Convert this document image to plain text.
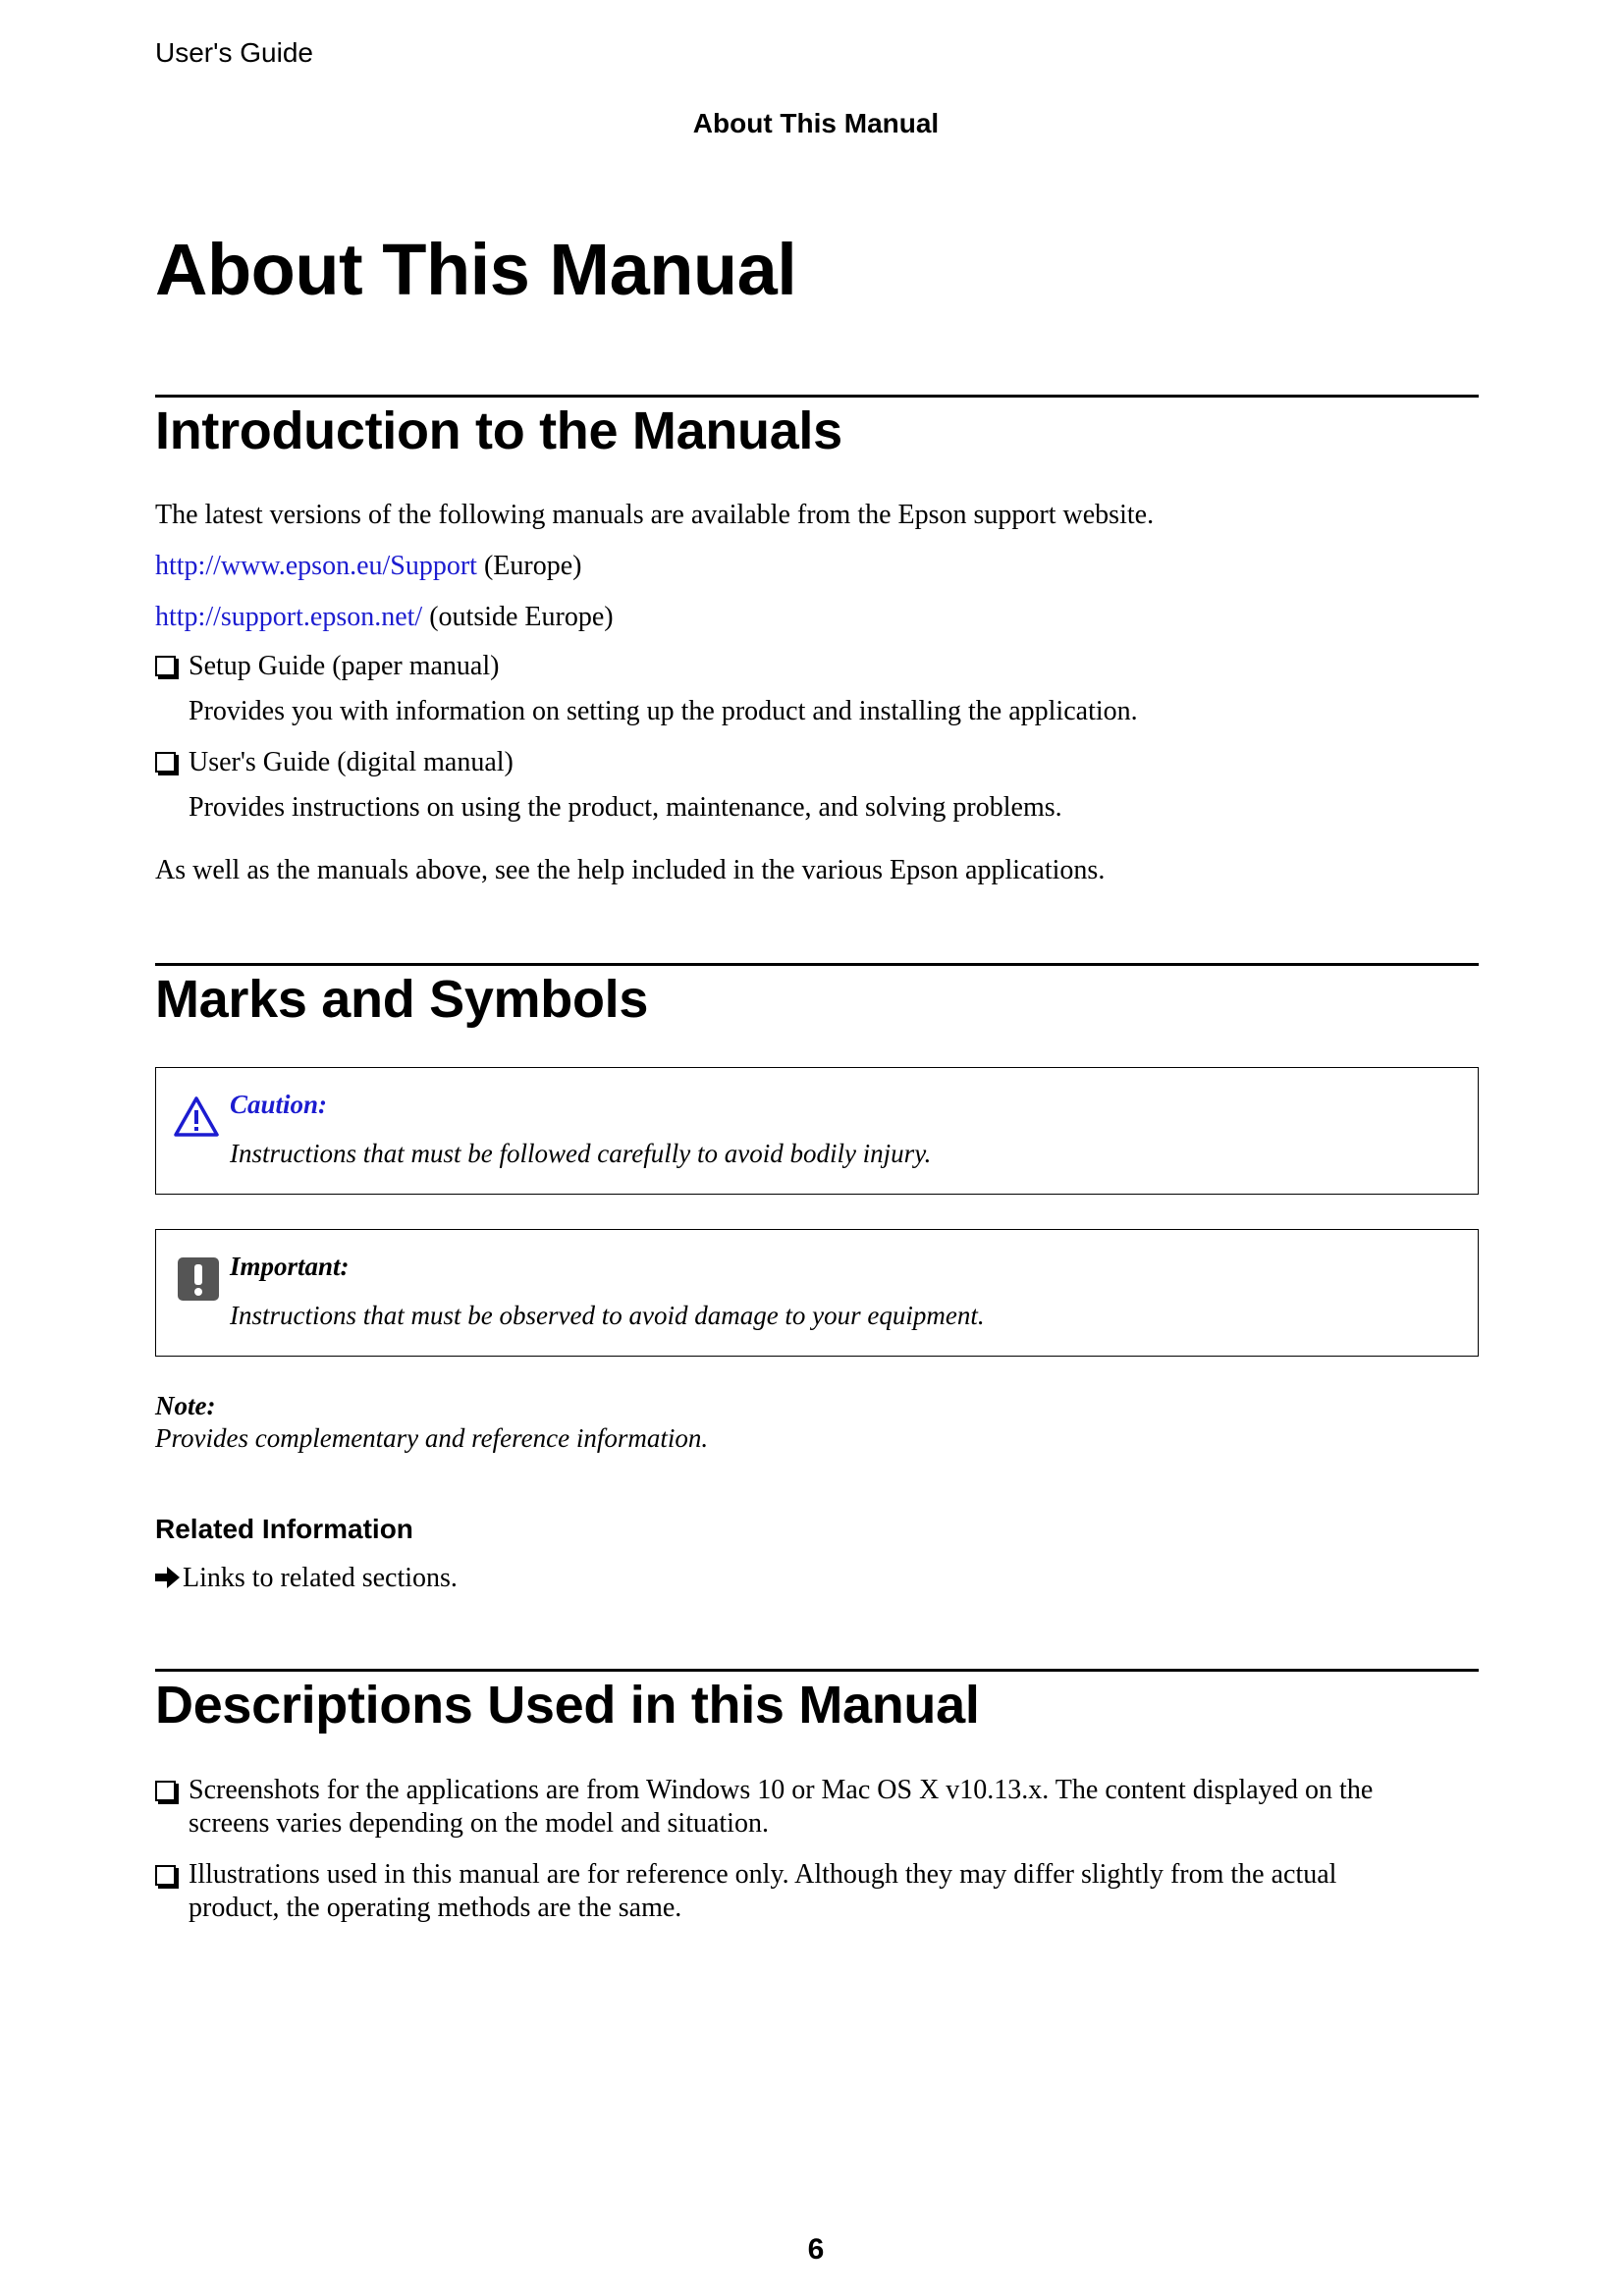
User's Guide
About This Manual
About This Manual
Introduction to the Manuals
The latest versions of the following manuals are available from the Epson support website.
http://www.epson.eu/Support (Europe)
http://support.epson.net/ (outside Europe)
Setup Guide (paper manual)
Provides you with information on setting up the product and installing the application.
User's Guide (digital manual)
Provides instructions on using the product, maintenance, and solving problems.
As well as the manuals above, see the help included in the various Epson applications.
Marks and Symbols
Caution:
Instructions that must be followed carefully to avoid bodily injury.
Important:
Instructions that must be observed to avoid damage to your equipment.
Note:
Provides complementary and reference information.
Related Information
Links to related sections.
Descriptions Used in this Manual
Screenshots for the applications are from Windows 10 or Mac OS X v10.13.x. The content displayed on the
screens varies depending on the model and situation.
Illustrations used in this manual are for reference only. Although they may differ slightly from the actual
product, the operating methods are the same.
6
